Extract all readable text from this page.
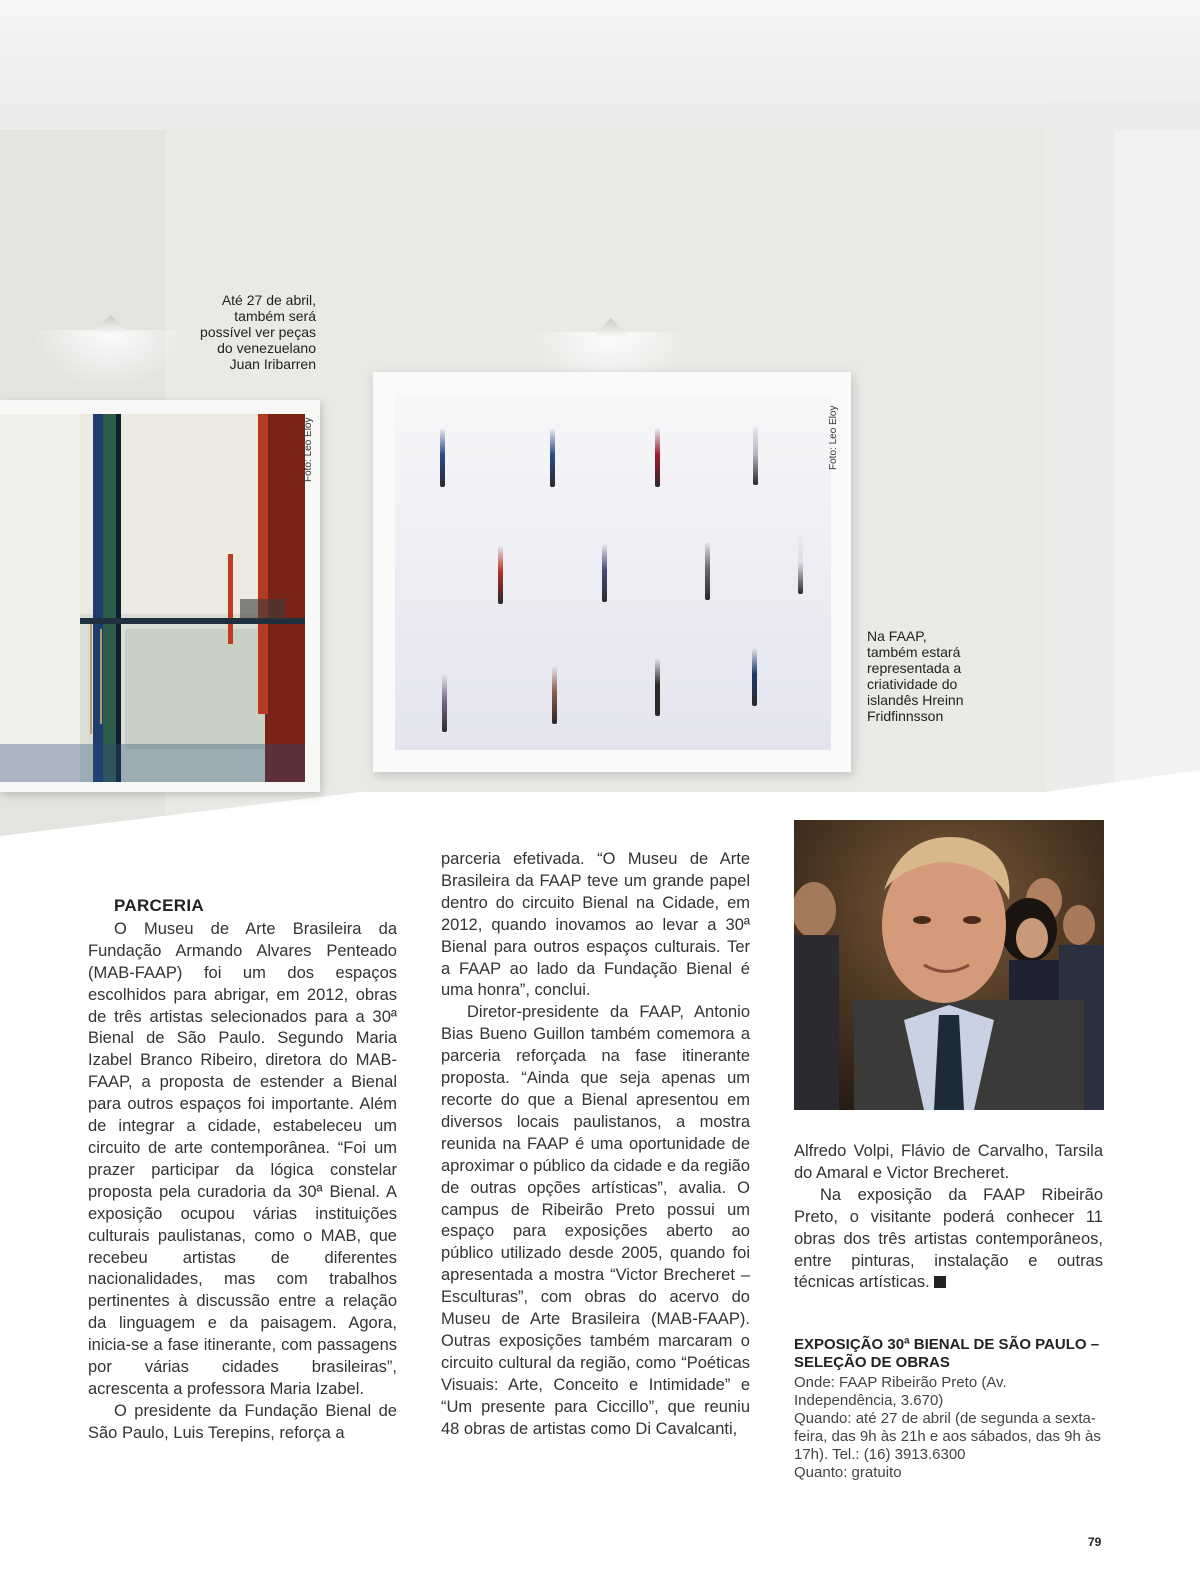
Foto: Leo Eloy	Foto: Leo Eloy
Até 27 de abril,
também será
possível ver peças
do venezuelano
Juan Iribarren
Na FAAP,
também estará
representada a
criatividade do
islandês Hreinn
Fridfinnsson
PARCERIA

O Museu de Arte Brasileira da Fundação Armando Alvares Penteado (MAB-FAAP) foi um dos espaços escolhidos para abrigar, em 2012, obras de três artistas selecionados para a 30ª Bienal de São Paulo. Segundo Maria Izabel Branco Ribeiro, diretora do MAB-FAAP, a proposta de estender a Bienal para outros espaços foi importante. Além de integrar a cidade, estabeleceu um circuito de arte contemporânea. “Foi um prazer participar da lógica constelar proposta pela curadoria da 30ª Bienal. A exposição ocupou várias instituições culturais paulistanas, como o MAB, que recebeu artistas de diferentes nacionalidades, mas com trabalhos pertinentes à discussão entre a relação da linguagem e da paisagem. Agora, inicia-se a fase itinerante, com passagens por várias cidades brasileiras”, acrescenta a professora Maria Izabel.

O presidente da Fundação Bienal de São Paulo, Luis Terepins, reforça a

parceria efetivada. “O Museu de Arte Brasileira da FAAP teve um grande papel dentro do circuito Bienal na Cidade, em 2012, quando inovamos ao levar a 30ª Bienal para outros espaços culturais. Ter a FAAP ao lado da Fundação Bienal é uma honra”, conclui.

Diretor-presidente da FAAP, Antonio Bias Bueno Guillon também comemora a parceria reforçada na fase itinerante proposta. “Ainda que seja apenas um recorte do que a Bienal apresentou em diversos locais paulistanos, a mostra reunida na FAAP é uma oportunidade de aproximar o público da cidade e da região de outras opções artísticas”, avalia. O campus de Ribeirão Preto possui um espaço para exposições aberto ao público utilizado desde 2005, quando foi apresentada a mostra “Victor Brecheret – Esculturas”, com obras do acervo do Museu de Arte Brasileira (MAB-FAAP). Outras exposições também marcaram o circuito cultural da região, como “Poéticas Visuais: Arte, Conceito e Intimidade” e “Um presente para Ciccillo”, que reuniu 48 obras de artistas como Di Cavalcanti,

Alfredo Volpi, Flávio de Carvalho, Tarsila do Amaral e Victor Brecheret.

Na exposição da FAAP Ribeirão Preto, o visitante poderá conhecer 11 obras dos três artistas contemporâneos, entre pinturas, instalação e outras técnicas artísticas.

EXPOSIÇÃO 30ª BIENAL DE SÃO PAULO – SELEÇÃO DE OBRAS
Onde: FAAP Ribeirão Preto (Av. Independência, 3.670)
Quando: até 27 de abril (de segunda a sexta-feira, das 9h às 21h e aos sábados, das 9h às 17h). Tel.: (16) 3913.6300
Quanto: gratuito
79
